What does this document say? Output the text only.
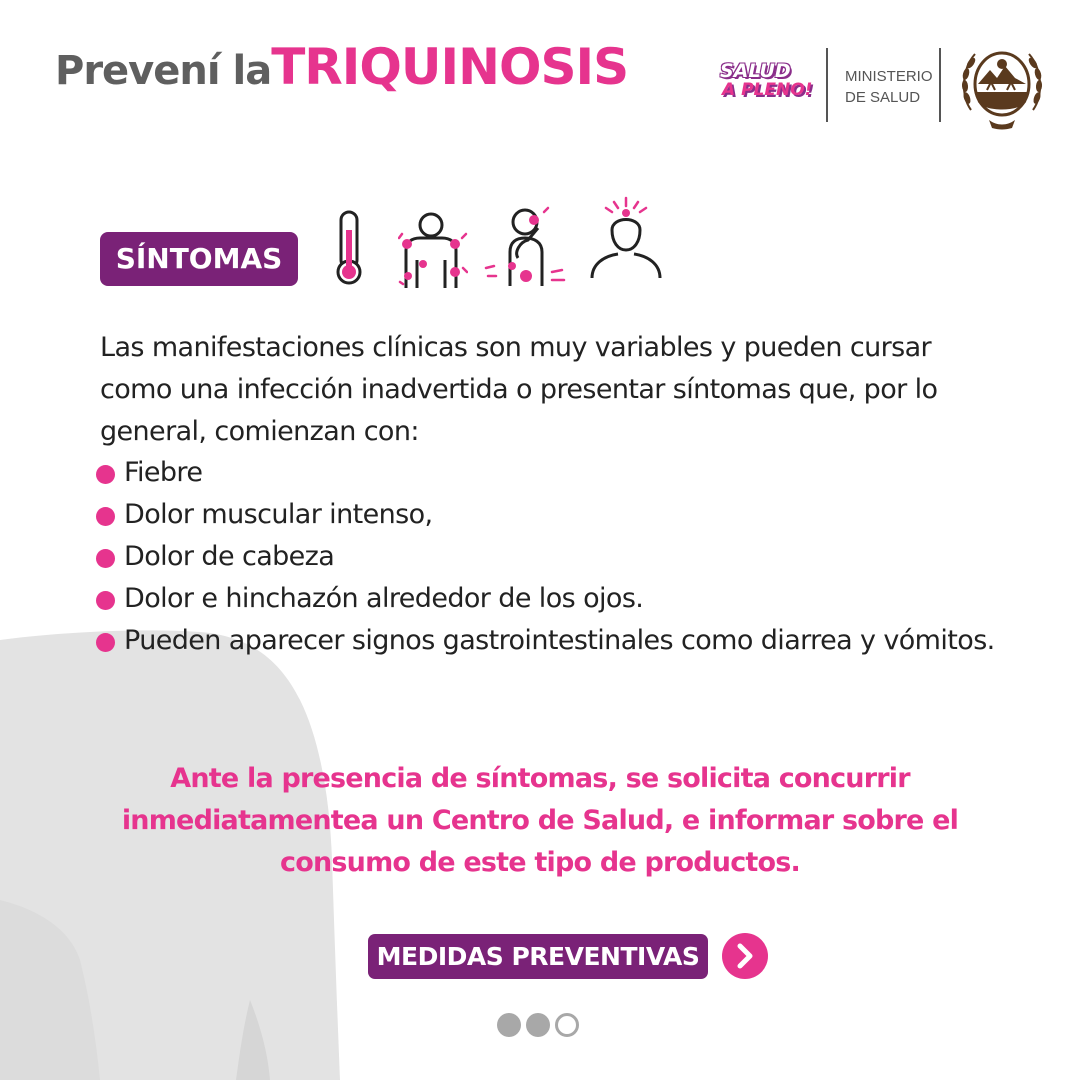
Prevení laTRIQUINOSIS	SALUD
A PLENO!
MINISTERIO
DE SALUD
SÍNTOMAS

Las manifestaciones clínicas son muy variables y pueden cursar como una infección inadvertida o presentar síntomas que, por lo general, comienzan con:

Fiebre
Dolor muscular intenso,
Dolor de cabeza
Dolor e hinchazón alrededor de los ojos.
Pueden aparecer signos gastrointestinales como diarrea y vómitos.

Ante la presencia de síntomas, se solicita concurrir inmediatamentea un Centro de Salud, e informar sobre el consumo de este tipo de productos.

MEDIDAS PREVENTIVAS
